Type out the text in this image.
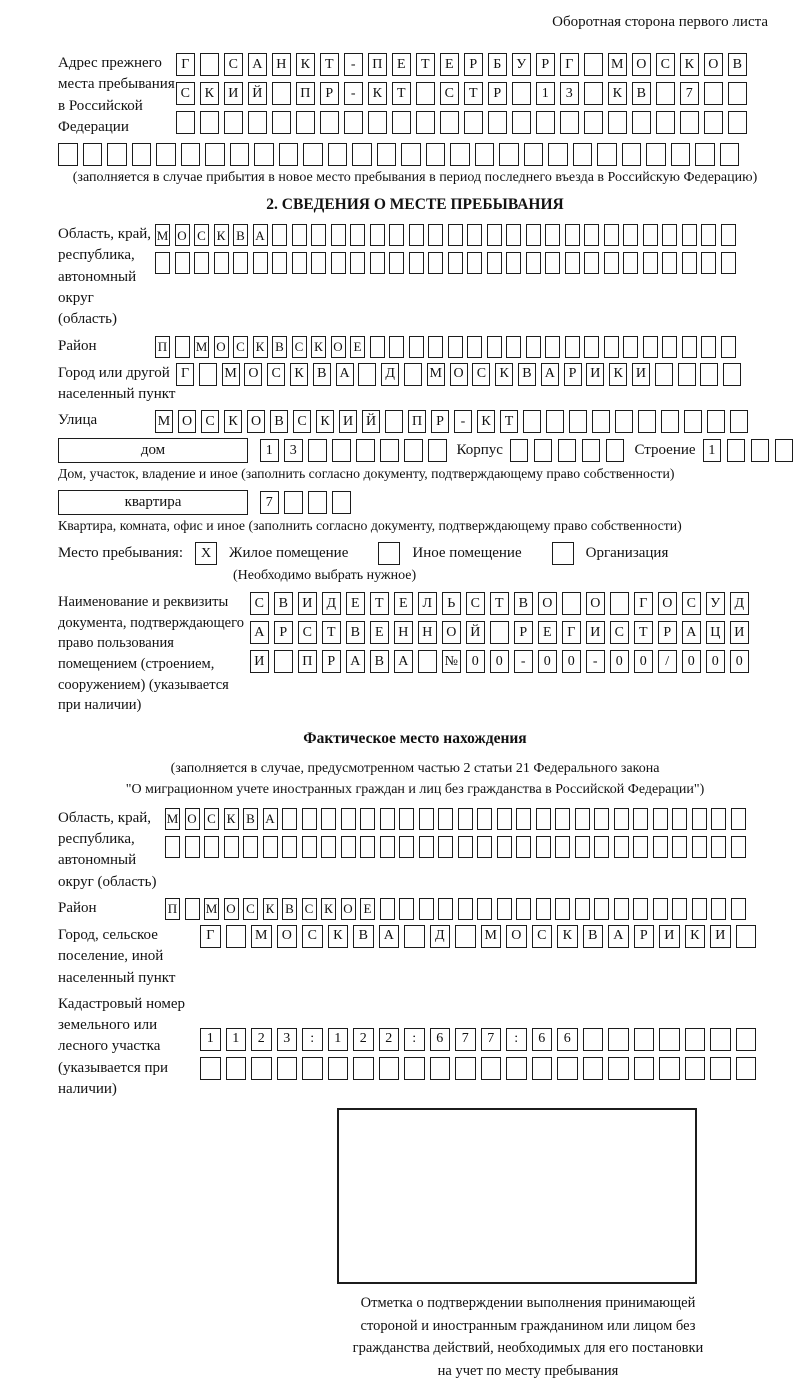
Оборотная сторона первого листа
Адрес прежнего места пребывания в Российской Федерации
Г	С	А Н	К	Т	-	П	Е	Т	Е	Р	Б	У	Р	Г	М О	С	К	О	В
С	К	И Й	П	Р	-	К	Т	С	Т	Р	1	3	К	В	7
(заполняется в случае прибытия в новое место пребывания в период последнего въезда в Российскую Федерацию)
2. СВЕДЕНИЯ О МЕСТЕ ПРЕБЫВАНИЯ
Область, край, республика, автономный округ (область)
М О С К В А
Район	П М О С К В С К О Е
Город или другой населенный пункт
Г	М О С К В А	Д	М О С К В А Р И К И
Улица	М О С К О В С К И Й	П	Р	-	К	Т
дом	1	3	Корпус	Строение 1
Дом, участок, владение и иное (заполнить согласно документу, подтверждающему право собственности)
квартира	7
Квартира, комната, офис и иное (заполнить согласно документу, подтверждающему право собственности)
Место пребывания:	X	Жилое помещение	Иное помещение	Организация
(Необходимо выбрать нужное)
Наименование и реквизиты документа, подтверждающего право пользования помещением (строением, сооружением) (указывается при наличии)
С	В	И	Д	Е	Т	Е	Л	Ь	С	Т	В	О	О	Г	О	С	У	Д
А	Р	С	Т	В	Е	Н Н О Й	Р	Е	Г	И	С	Т	Р	А Ц И
И	П	Р	А	В	А	№ 0	0	-	0	0	-	0	0	/	0	0	0
Фактическое место нахождения
(заполняется в случае, предусмотренном частью 2 статьи 21 Федерального закона
"О миграционном учете иностранных граждан и лиц без гражданства в Российской Федерации")
Область, край, республика, автономный округ (область)
М О С К В А
Район	П М О С К В С К О Е
Город, сельское поселение, иной населенный пункт
Г	М	О	С	К	В	А	Д	М	О	С	К	В	А	Р	И	К	И
Кадастровый номер земельного или лесного участка (указывается при наличии)
1	1	2	3	:	1	2	2	:	6	7	7	:	6	6
Отметка о подтверждении выполнения принимающей
стороной и иностранным гражданином или лицом без
гражданства действий, необходимых для его постановки
на учет по месту пребывания
